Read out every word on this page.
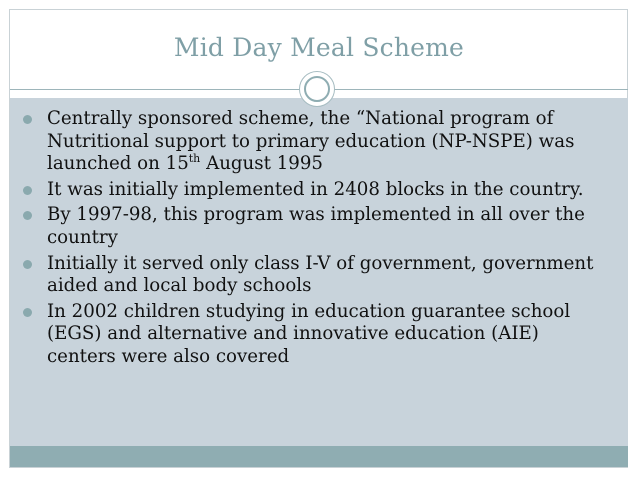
Mid Day Meal Scheme
Centrally sponsored scheme, the “National program of Nutritional support to primary education (NP-NSPE) was launched on 15th August 1995
It was initially implemented in 2408 blocks in the country.
By 1997-98, this program was implemented in all over the country
Initially it served only class I-V of government, government aided and local body schools
In 2002 children studying in education guarantee school (EGS) and alternative and innovative education (AIE) centers were also covered
